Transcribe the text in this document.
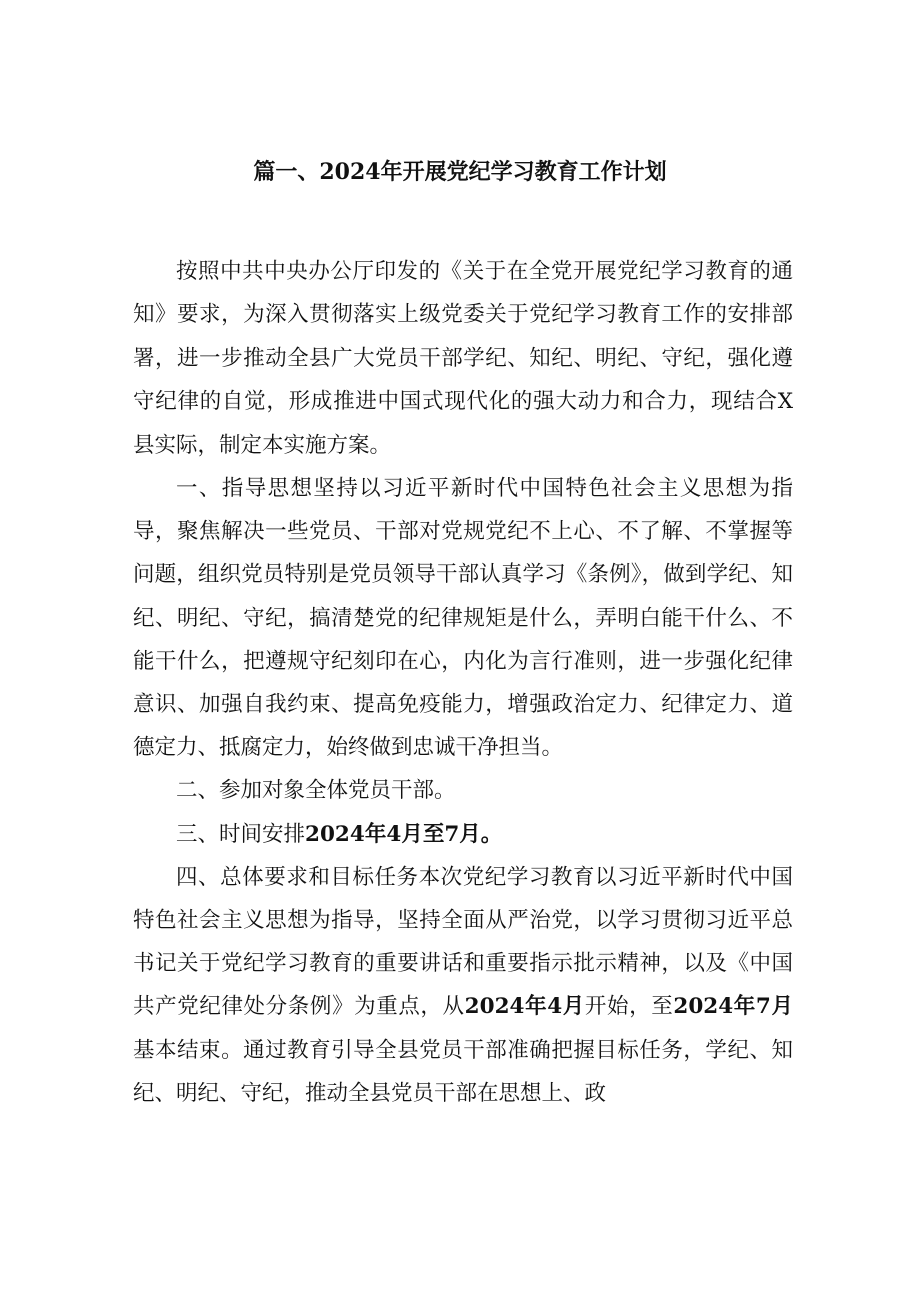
篇一、2024年开展党纪学习教育工作计划

按照中共中央办公厅印发的《关于在全党开展党纪学习教育的通知》要求，为深入贯彻落实上级党委关于党纪学习教育工作的安排部署，进一步推动全县广大党员干部学纪、知纪、明纪、守纪，强化遵守纪律的自觉，形成推进中国式现代化的强大动力和合力，现结合X县实际，制定本实施方案。

一、指导思想坚持以习近平新时代中国特色社会主义思想为指导，聚焦解决一些党员、干部对党规党纪不上心、不了解、不掌握等问题，组织党员特别是党员领导干部认真学习《条例》，做到学纪、知纪、明纪、守纪，搞清楚党的纪律规矩是什么，弄明白能干什么、不能干什么，把遵规守纪刻印在心，内化为言行准则，进一步强化纪律意识、加强自我约束、提高免疫能力，增强政治定力、纪律定力、道德定力、抵腐定力，始终做到忠诚干净担当。

二、参加对象全体党员干部。

三、时间安排2024年4月至7月。

四、总体要求和目标任务本次党纪学习教育以习近平新时代中国特色社会主义思想为指导，坚持全面从严治党，以学习贯彻习近平总书记关于党纪学习教育的重要讲话和重要指示批示精神，以及《中国共产党纪律处分条例》为重点，从2024年4月开始，至2024年7月基本结束。通过教育引导全县党员干部准确把握目标任务，学纪、知纪、明纪、守纪，推动全县党员干部在思想上、政
